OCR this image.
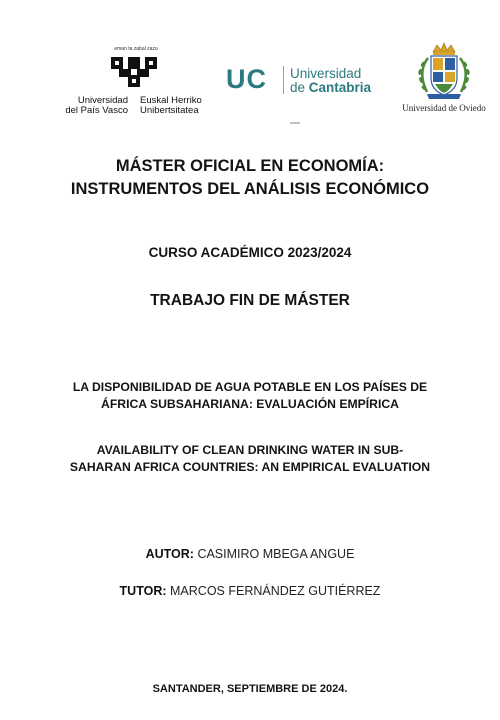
eman ta zabal zazu
Universidad
del País Vasco
Euskal Herriko
Unibertsitatea
UC Universidad
de Cantabria
Universidad de Oviedo
MÁSTER OFICIAL EN ECONOMÍA:
INSTRUMENTOS DEL ANÁLISIS ECONÓMICO
CURSO ACADÉMICO 2023/2024
TRABAJO FIN DE MÁSTER
LA DISPONIBILIDAD DE AGUA POTABLE EN LOS PAÍSES DE
ÁFRICA SUBSAHARIANA: EVALUACIÓN EMPÍRICA
AVAILABILITY OF CLEAN DRINKING WATER IN SUB-
SAHARAN AFRICA COUNTRIES: AN EMPIRICAL EVALUATION
AUTOR: CASIMIRO MBEGA ANGUE
TUTOR: MARCOS FERNÁNDEZ GUTIÉRREZ
SANTANDER, SEPTIEMBRE DE 2024.
